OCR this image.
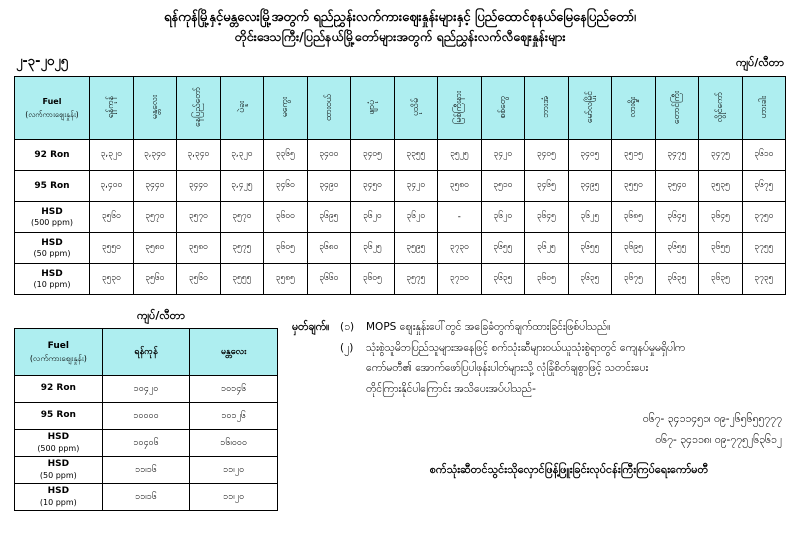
ရန်ကုန်မြို့နှင့်မန္တလေးမြို့အတွက် ရည်ညွှန်းလက်ကားဈေးနှုန်းများနှင့် ပြည်ထောင်စုနယ်မြေနေပြည်တော်၊
တိုင်းဒေသကြီး/ပြည်နယ်မြို့တော်များအတွက် ရည်ညွှန်းလက်လီဈေးနှုန်းများ
၂-၃-၂၀၂၅	ကျပ်/လီတာ
Fuel
(လက်ကားဈေးနှုန်း)	ရန်ကုန်	မန္တလေး	နေပြည်တော်	ပဲခူး	မကွေး	ထားဝယ်	ဖျာပုံ	ပုသိမ်	မြစ်ကြီးနား	စစ်တွေ	ဘားအံ	မော်လမြိုင်	လားရှိုး	တောင်ကြီး	လွိုင်ကော်	ဟားခါး

92 Ron	၃,၃၂၀	၃,၃၄၀	၃,၃၄၀	၃,၃၂၀	၃၃၆၅	၃၄၀၀	၃၄၀၅	၃၃၅၅	၃၅၂၅	၃၄၂၀	၃၄၀၅	၃၄၀၅	၃၅၁၅	၃၄၇၅	၃၄၇၅	၃၆၁၀

95 Ron	၃,၄၀၀	၃၄၄၀	၃၄၄၀	၃,၄၂၅	၃၄၆၀	၃၄၉၀	၃၄၅၀	၃၄၂၀	၃၅၈၀	၃၅၁၀	၃၄၆၅	၃၄၉၅	၃၅၅၀	၃၅၄၀	၃၅၃၅	၃၆၇၅

HSD
(500 ppm)	၃၅၆၀	၃၅၇၀	၃၅၇၀	၃၅၇၀	၃၆၀၀	၃၆၉၅	၃၆၂၀	၃၆၂၀	-	၃၆၂၀	၃၆၄၅	၃၆၂၅	၃၆၈၅	၃၆၄၅	၃၆၄၅	၃၇၅၀

HSD
(50 ppm)	၃၅၅၀	၃၅၈၀	၃၅၈၀	၃၅၇၅	၃၆၀၅	၃၆၈၀	၃၆၂၅	၃၅၉၅	၃၇၃၀	၃၆၅၅	၃၆၂၅	၃၆၅၅	၃၆၉၅	၃၆၅၅	၃၆၅၅	၃၇၅၅

HSD
(10 ppm)	၃၅၃၀	၃၅၆၀	၃၅၆၀	၃၅၅၅	၃၅၈၅	၃၆၆၀	၃၆၀၅	၃၅၇၅	၃၇၁၀	၃၆၃၅	၃၆၀၅	၃၆၃၅	၃၆၇၅	၃၆၃၅	၃၆၃၅	၃၇၃၅
ကျပ်/လီတာ
Fuel
(လက်ကားဈေးနှုန်း)	ရန်ကုန်	မန္တလေး

92 Ron	၁၀၄၂၀	၁၀၁၄၆

95 Ron	၁၀၀၀၀	၁၀၁၂၆

HSD
(500 ppm)	၁၀၄၀၆	၁၆၊၀၀၀

HSD
(50 ppm)	၁၁၊၁၆	၁၁၊၂၀

HSD
(10 ppm)	၁၁၊၁၆	၁၁၊၂၀
မှတ်ချက်။	(၁)	MOPS ဈေးနှုန်းပေါ်တွင် အခြေခံတွက်ချက်ထားခြင်းဖြစ်ပါသည်။
(၂)	သုံးစွဲသူမိဘပြည်သူများအနေဖြင့် စက်သုံးဆီများဝယ်ယူသုံးစွဲရာတွင် ကျေနပ်မှုမရှိပါက
ကော်မတီ၏ အောက်ဖော်ပြပါဖုန်းပါတ်များသို့ လုံခြုံစိတ်ချစွာဖြင့် သတင်းပေး
တိုင်ကြားနိုင်ပါကြောင်း အသိပေးအပ်ပါသည်-
၀၆၇- ၃၄၁၁၄၅၁၊ ၀၉-၂၆၅၆၅၅၇၇၇
၀၆၇- ၃၄၁၁၈၊ ၀၉-၇၇၅၂၆၃၆၁၂
စက်သုံးဆီတင်သွင်းသိုလှောင်ဖြန့်ဖြူးခြင်းလုပ်ငန်းကြီးကြပ်ရေးကော်မတီ
